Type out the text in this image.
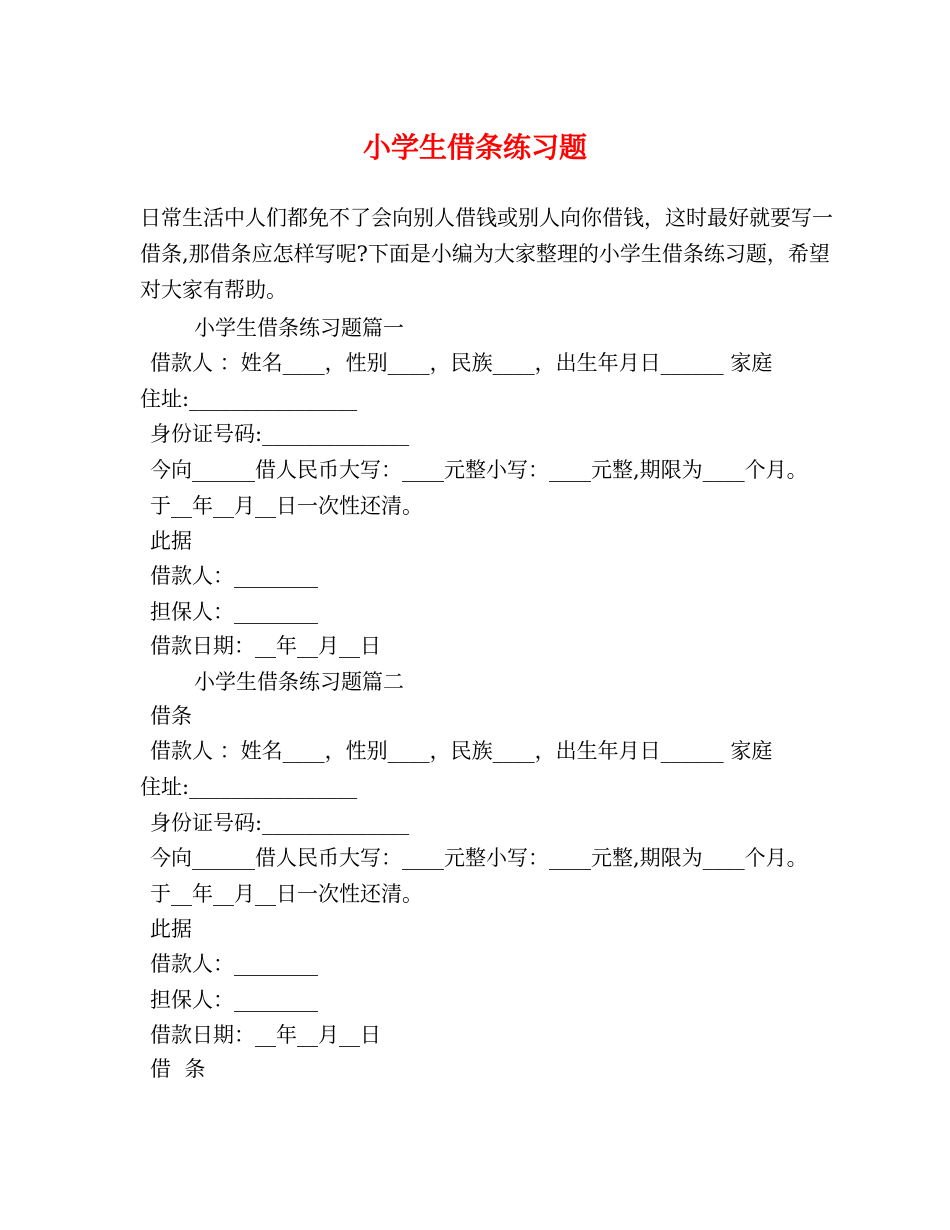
小学生借条练习题

日常生活中人们都免不了会向别人借钱或别人向你借钱，这时最好就要写一借条,那借条应怎样写呢?下面是小编为大家整理的小学生借条练习题，希望对大家有帮助。

小学生借条练习题篇一
借款人 ：姓名____，性别____，民族____，出生年月日______ 家庭
住址:________________
身份证号码:______________
今向______借人民币大写：____元整小写：____元整,期限为____个月。
于__年__月__日一次性还清。
此据
借款人：________
担保人：________
借款日期：__年__月__日
小学生借条练习题篇二
借条
借款人 ：姓名____，性别____，民族____，出生年月日______ 家庭
住址:________________
身份证号码:______________
今向______借人民币大写：____元整小写：____元整,期限为____个月。
于__年__月__日一次性还清。
此据
借款人：________
担保人：________
借款日期：__年__月__日
借  条
